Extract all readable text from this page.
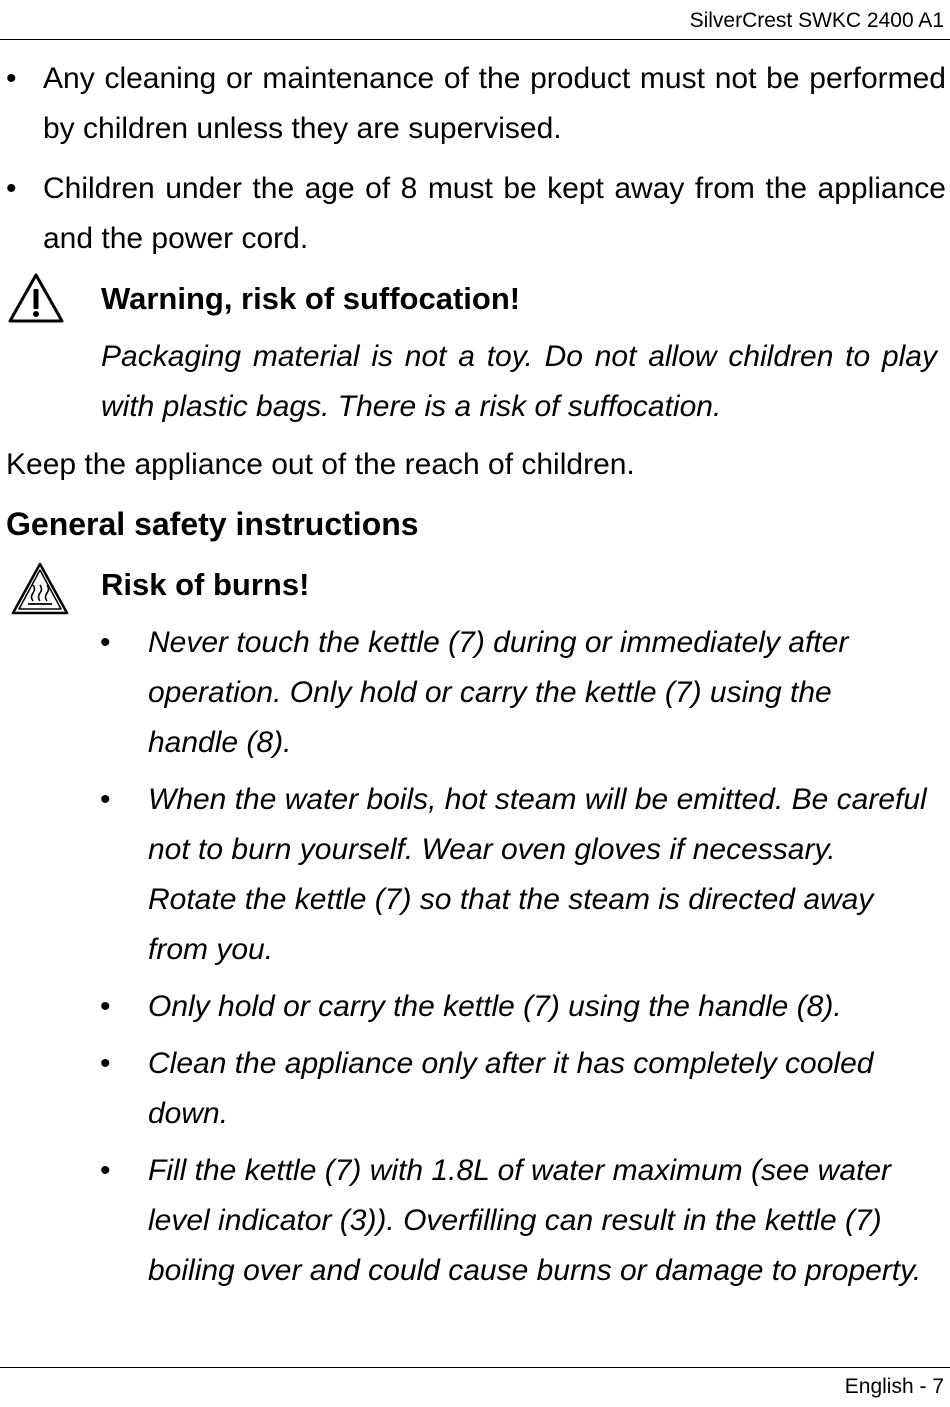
SilverCrest SWKC 2400 A1
• Any cleaning or maintenance of the product must not be performed by children unless they are supervised.
• Children under the age of 8 must be kept away from the appliance and the power cord.
Warning, risk of suffocation!
Packaging material is not a toy. Do not allow children to play with plastic bags. There is a risk of suffocation.
Keep the appliance out of the reach of children.
General safety instructions
Risk of burns!
• Never touch the kettle (7) during or immediately after operation. Only hold or carry the kettle (7) using the handle (8).
• When the water boils, hot steam will be emitted. Be careful not to burn yourself. Wear oven gloves if necessary. Rotate the kettle (7) so that the steam is directed away from you.
• Only hold or carry the kettle (7) using the handle (8).
• Clean the appliance only after it has completely cooled down.
• Fill the kettle (7) with 1.8L of water maximum (see water level indicator (3)). Overfilling can result in the kettle (7) boiling over and could cause burns or damage to property.
English - 7
